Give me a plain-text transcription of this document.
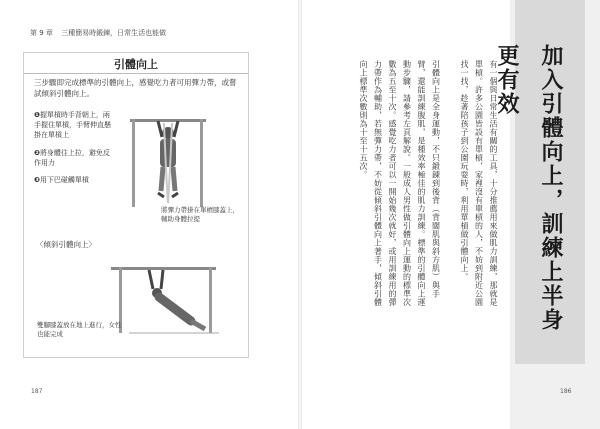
第 9 章 三種簡易時鍛鍊，日常生活也能做
引體向上
三步驟即完成標準的引體向上，感覺吃力者可用彈力帶，或嘗試傾斜引體向上。
❶握單槓時手背朝上，兩手握住單槓，手臂伸直懸掛在單槓上
❷將身體往上拉，避免反作用力
❸用下巴碰觸單槓
將彈力帶掛在單槓膝蓋上，輔助身體拉提
〈傾斜引體向上〉
雙腳膝蓋放在地上進行，女性也能完成
187
加入引體向上，訓練上半身更有效

有一個與日常生活有關的工具，十分推薦用來做肌力訓練，那就是單槓。許多公園皆設有單槓，家裡沒有單槓的人，不妨到附近公園找一找，趁著陪孩子到公園玩耍時，利用單槓做引體向上。

引體向上是全身運動，不只鍛鍊到後背（背闊肌與斜方肌）與手臂，還能訓練腹肌，是種效率極佳的肌力訓練。標準的引體向上運動步驟，請參考左頁解說。一般成人男性做引體向上運動的標準次數為五至十次。感覺吃力者可以一開始幾次就好，或用訓練用的彈力帶作為輔助，若無彈力帶，不妨從傾斜引體向上著手，傾斜引體向上標準次數則為十至十五次。

186
